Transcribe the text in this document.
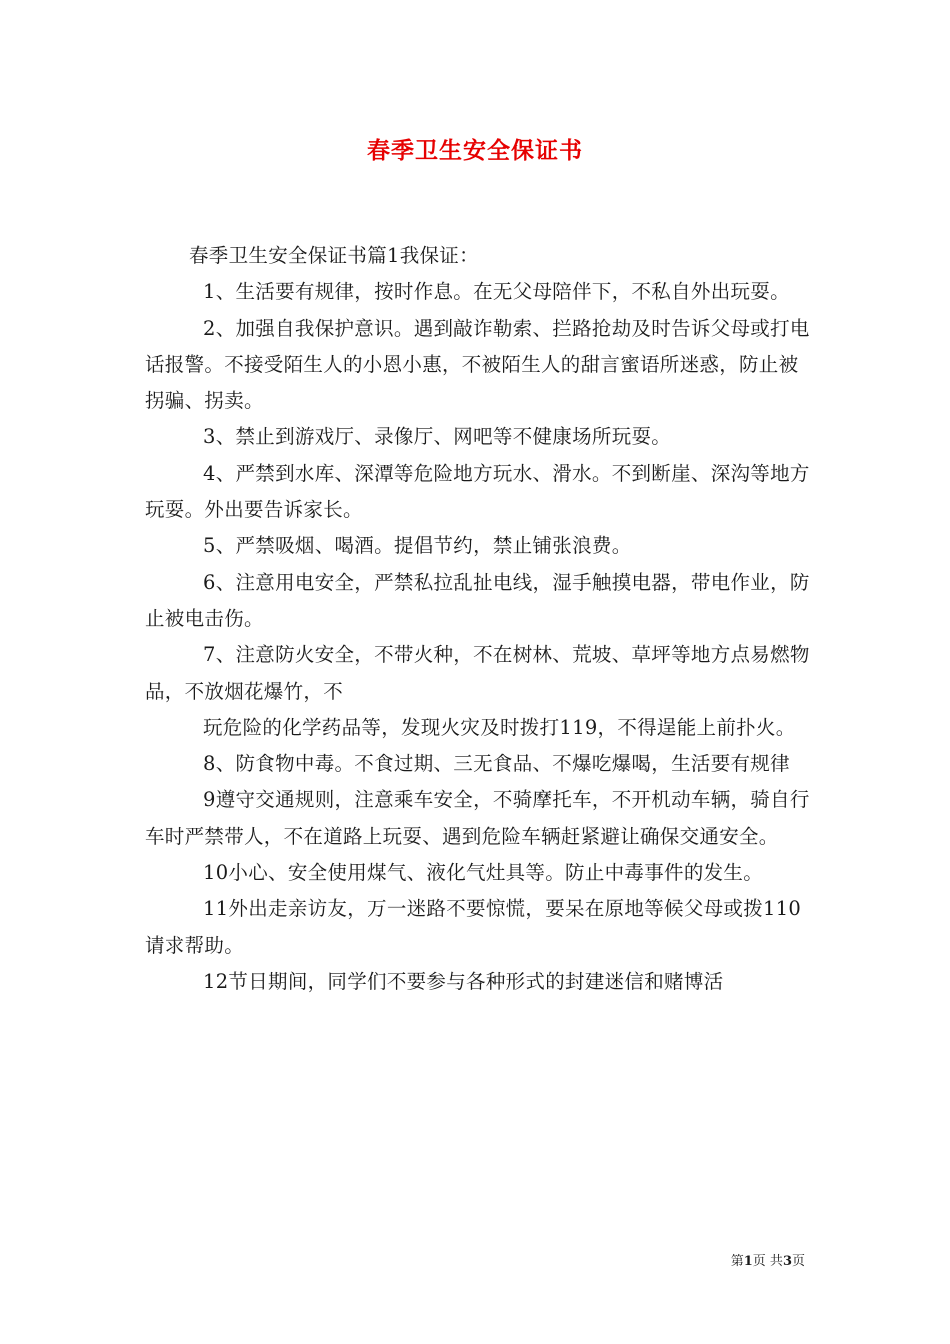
春季卫生安全保证书

春季卫生安全保证书篇1我保证：

1、生活要有规律，按时作息。在无父母陪伴下，不私自外出玩耍。

2、加强自我保护意识。遇到敲诈勒索、拦路抢劫及时告诉父母或打电话报警。不接受陌生人的小恩小惠，不被陌生人的甜言蜜语所迷惑，防止被拐骗、拐卖。

3、禁止到游戏厅、录像厅、网吧等不健康场所玩耍。

4、严禁到水库、深潭等危险地方玩水、滑水。不到断崖、深沟等地方玩耍。外出要告诉家长。

5、严禁吸烟、喝酒。提倡节约，禁止铺张浪费。

6、注意用电安全，严禁私拉乱扯电线，湿手触摸电器，带电作业，防止被电击伤。

7、注意防火安全，不带火种，不在树林、荒坡、草坪等地方点易燃物品，不放烟花爆竹，不

玩危险的化学药品等，发现火灾及时拨打119，不得逞能上前扑火。

8、防食物中毒。不食过期、三无食品、不爆吃爆喝，生活要有规律

9遵守交通规则，注意乘车安全，不骑摩托车，不开机动车辆，骑自行车时严禁带人，不在道路上玩耍、遇到危险车辆赶紧避让确保交通安全。

10小心、安全使用煤气、液化气灶具等。防止中毒事件的发生。

11外出走亲访友，万一迷路不要惊慌，要呆在原地等候父母或拨110请求帮助。

12节日期间，同学们不要参与各种形式的封建迷信和赌博活

第1页 共3页
